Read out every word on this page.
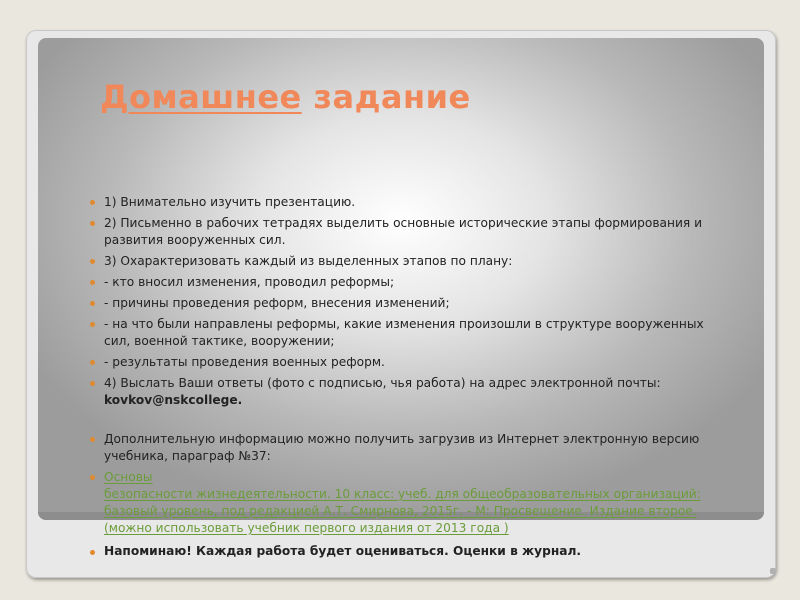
Домашнее задание
1) Внимательно изучить презентацию.
2) Письменно в рабочих тетрадях выделить основные исторические этапы формирования и развития вооруженных сил.
3) Охарактеризовать каждый из выделенных этапов по плану:
- кто вносил изменения, проводил реформы;
- причины проведения реформ, внесения изменений;
- на что были направлены реформы, какие изменения произошли в структуре вооруженных сил, военной тактике, вооружении;
- результаты проведения военных реформ.
4) Выслать Ваши ответы (фото с подписью, чья работа) на адрес электронной почты: kovkov@nskcollege.
Дополнительную информацию можно получить загрузив из Интернет электронную версию учебника, параграф №37:
Основы
безопасности жизнедеятельности. 10 класс: учеб. для общеобразовательных организаций: базовый уровень, под редакцией А.Т. Смирнова, 2015г. - М: Просвещение. Издание второе. (можно использовать учебник первого издания от 2013 года )
Напоминаю! Каждая работа будет оцениваться. Оценки в журнал.
